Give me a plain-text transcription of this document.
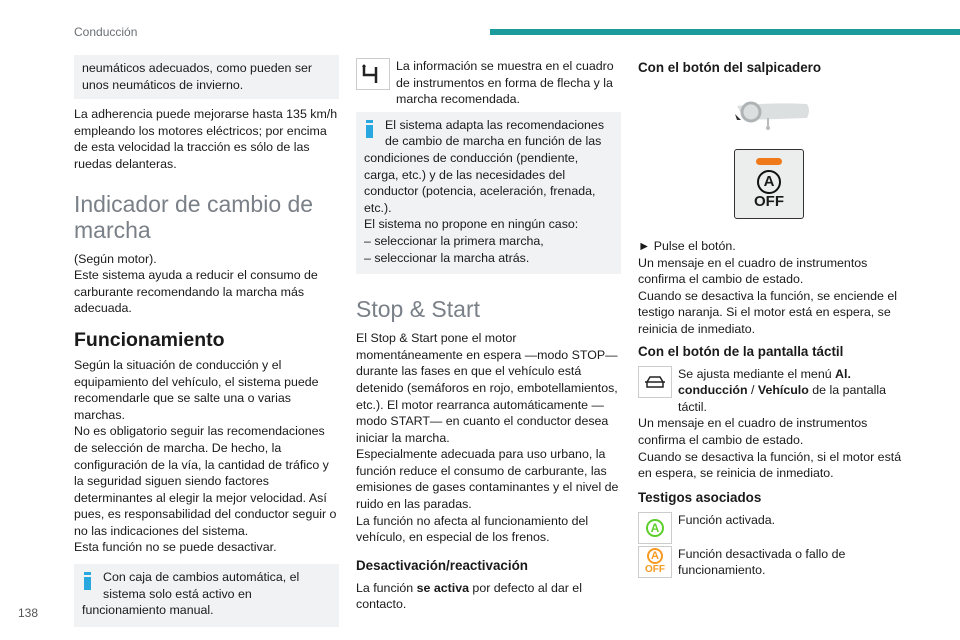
Conducción
138
neumáticos adecuados, como pueden ser unos neumáticos de invierno.

La adherencia puede mejorarse hasta 135 km/h empleando los motores eléctricos; por encima de esta velocidad la tracción es sólo de las ruedas delanteras.

Indicador de cambio de marcha

(Según motor).
Este sistema ayuda a reducir el consumo de carburante recomendando la marcha más adecuada.

Funcionamiento

Según la situación de conducción y el equipamiento del vehículo, el sistema puede recomendarle que se salte una o varias marchas.
No es obligatorio seguir las recomendaciones de selección de marcha. De hecho, la configuración de la vía, la cantidad de tráfico y la seguridad siguen siendo factores determinantes al elegir la mejor velocidad. Así pues, es responsabilidad del conductor seguir o no las indicaciones del sistema.
Esta función no se puede desactivar.

Con caja de cambios automática, el sistema solo está activo en funcionamiento manual.
La información se muestra en el cuadro de instrumentos en forma de flecha y la marcha recomendada.
El sistema adapta las recomendaciones de cambio de marcha en función de las condiciones de conducción (pendiente, carga, etc.) y de las necesidades del conductor (potencia, aceleración, frenada, etc.).
El sistema no propone en ningún caso:
– seleccionar la primera marcha,
– seleccionar la marcha atrás.
Stop & Start

El Stop & Start pone el motor momentáneamente en espera —modo STOP— durante las fases en que el vehículo está detenido (semáforos en rojo, embotellamientos, etc.). El motor rearranca automáticamente — modo START— en cuanto el conductor desea iniciar la marcha.
Especialmente adecuada para uso urbano, la función reduce el consumo de carburante, las emisiones de gases contaminantes y el nivel de ruido en las paradas.
La función no afecta al funcionamiento del vehículo, en especial de los frenos.

Desactivación/reactivación

La función se activa por defecto al dar el contacto.

Con el botón del salpicadero
A
OFF

► Pulse el botón.
Un mensaje en el cuadro de instrumentos confirma el cambio de estado.
Cuando se desactiva la función, se enciende el testigo naranja. Si el motor está en espera, se reinicia de inmediato.

Con el botón de la pantalla táctil
Se ajusta mediante el menú Al. conducción / Vehículo de la pantalla táctil.

Un mensaje en el cuadro de instrumentos confirma el cambio de estado.
Cuando se desactiva la función, si el motor está en espera, se reinicia de inmediato.

Testigos asociados
A
Función activada.
A
OFF
Función desactivada o fallo de funcionamiento.
